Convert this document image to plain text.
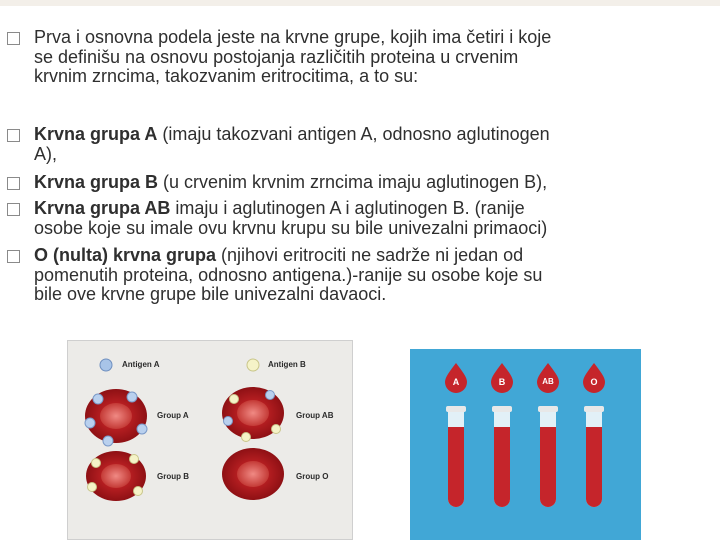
Prva i osnovna podela jeste na krvne grupe, kojih ima četiri i koje
se definišu na osnovu postojanja različitih proteina u crvenim
krvnim zrncima, takozvanim eritrocitima, a to su:
Krvna grupa A (imaju takozvani antigen A, odnosno aglutinogen
A),
Krvna grupa B (u crvenim krvnim zrncima imaju aglutinogen B),
Krvna grupa AB imaju i aglutinogen A i aglutinogen B. (ranije
osobe koje su imale ovu krvnu krupu su bile univezalni primaoci)
O (nulta) krvna grupa (njihovi eritrociti ne sadrže ni jedan od
pomenutih proteina, odnosno antigena.)-ranije su osobe koje su
bile ove krvne grupe bile univezalni davaoci.
Antigen A	Antigen B
Group A	Group AB
Group B	Group O
A	B	AB	O
